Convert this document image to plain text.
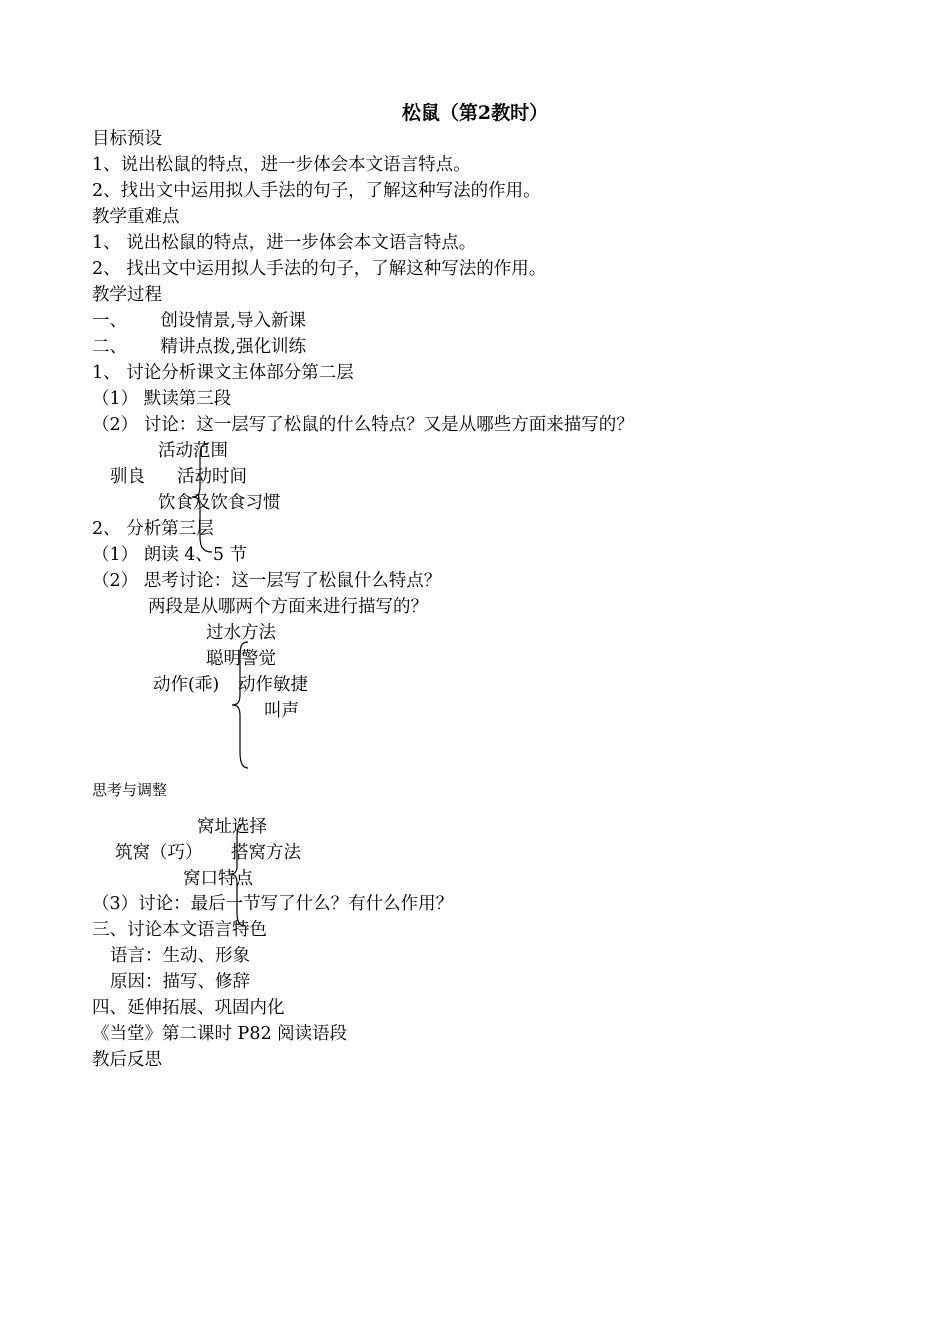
松鼠（第2教时）
目标预设
1、说出松鼠的特点，进一步体会本文语言特点。
2、找出文中运用拟人手法的句子，了解这种写法的作用。
教学重难点
1、 说出松鼠的特点，进一步体会本文语言特点。
2、 找出文中运用拟人手法的句子，了解这种写法的作用。
教学过程
一、      创设情景,导入新课
二、      精讲点拨,强化训练
1、 讨论分析课文主体部分第二层
（1） 默读第三段
（2） 讨论：这一层写了松鼠的什么特点？又是从哪些方面来描写的？
活动范围
驯良 活动时间
饮食及饮食习惯
2、 分析第三层
（1） 朗读 4、5 节
（2） 思考讨论：这一层写了松鼠什么特点？
两段是从哪两个方面来进行描写的？
过水方法
聪明警觉
动作(乖) 动作敏捷
叫声
思考与调整
窝址选择
筑窝（巧） 搭窝方法
窝口特点
（3）讨论：最后一节写了什么？有什么作用？
三、讨论本文语言特色
语言：生动、形象
原因：描写、修辞
四、延伸拓展、巩固内化
《当堂》第二课时 P82 阅读语段
教后反思
